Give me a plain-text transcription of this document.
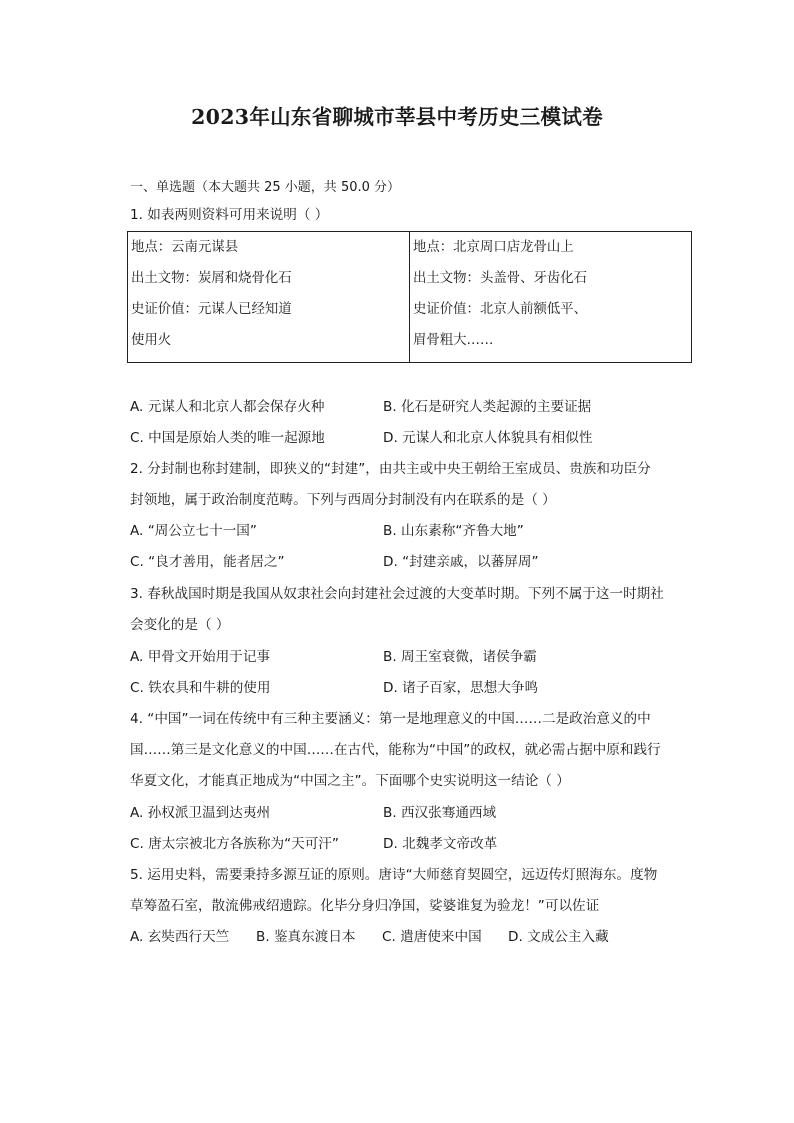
2023年山东省聊城市莘县中考历史三模试卷
一、单选题（本大题共 25 小题，共 50.0 分）
1. 如表两则资料可用来说明（ ）
地点：云南元谋县
出土文物：炭屑和烧骨化石
史证价值：元谋人已经知道
使用火

地点：北京周口店龙骨山上
出土文物：头盖骨、牙齿化石
史证价值：北京人前额低平、
眉骨粗大……
A. 元谋人和北京人都会保存火种	B. 化石是研究人类起源的主要证据
C. 中国是原始人类的唯一起源地	D. 元谋人和北京人体貌具有相似性
2. 分封制也称封建制，即狭义的“封建”，由共主或中央王朝给王室成员、贵族和功臣分
封领地，属于政治制度范畴。下列与西周分封制没有内在联系的是（ ）
A. “周公立七十一国”	B. 山东素称“齐鲁大地”
C. “良才善用，能者居之”	D. “封建亲戚，以蕃屏周”
3. 春秋战国时期是我国从奴隶社会向封建社会过渡的大变革时期。下列不属于这一时期社
会变化的是（ ）
A. 甲骨文开始用于记事	B. 周王室衰微，诸侯争霸
C. 铁农具和牛耕的使用	D. 诸子百家，思想大争鸣
4. “中国”一词在传统中有三种主要涵义：第一是地理意义的中国……二是政治意义的中
国……第三是文化意义的中国……在古代，能称为“中国”的政权，就必需占据中原和践行
华夏文化，才能真正地成为“中国之主”。下面哪个史实说明这一结论（ ）
A. 孙权派卫温到达夷州	B. 西汉张骞通西域
C. 唐太宗被北方各族称为“天可汗”	D. 北魏孝文帝改革
5. 运用史料，需要秉持多源互证的原则。唐诗“大师慈育契圆空，远迈传灯照海东。度物
草筹盈石室，散流佛戒绍遗踪。化毕分身归净国，娑婆谁复为验龙！”可以佐证
A. 玄奘西行天竺 B. 鉴真东渡日本 C. 遣唐使来中国 D. 文成公主入藏
